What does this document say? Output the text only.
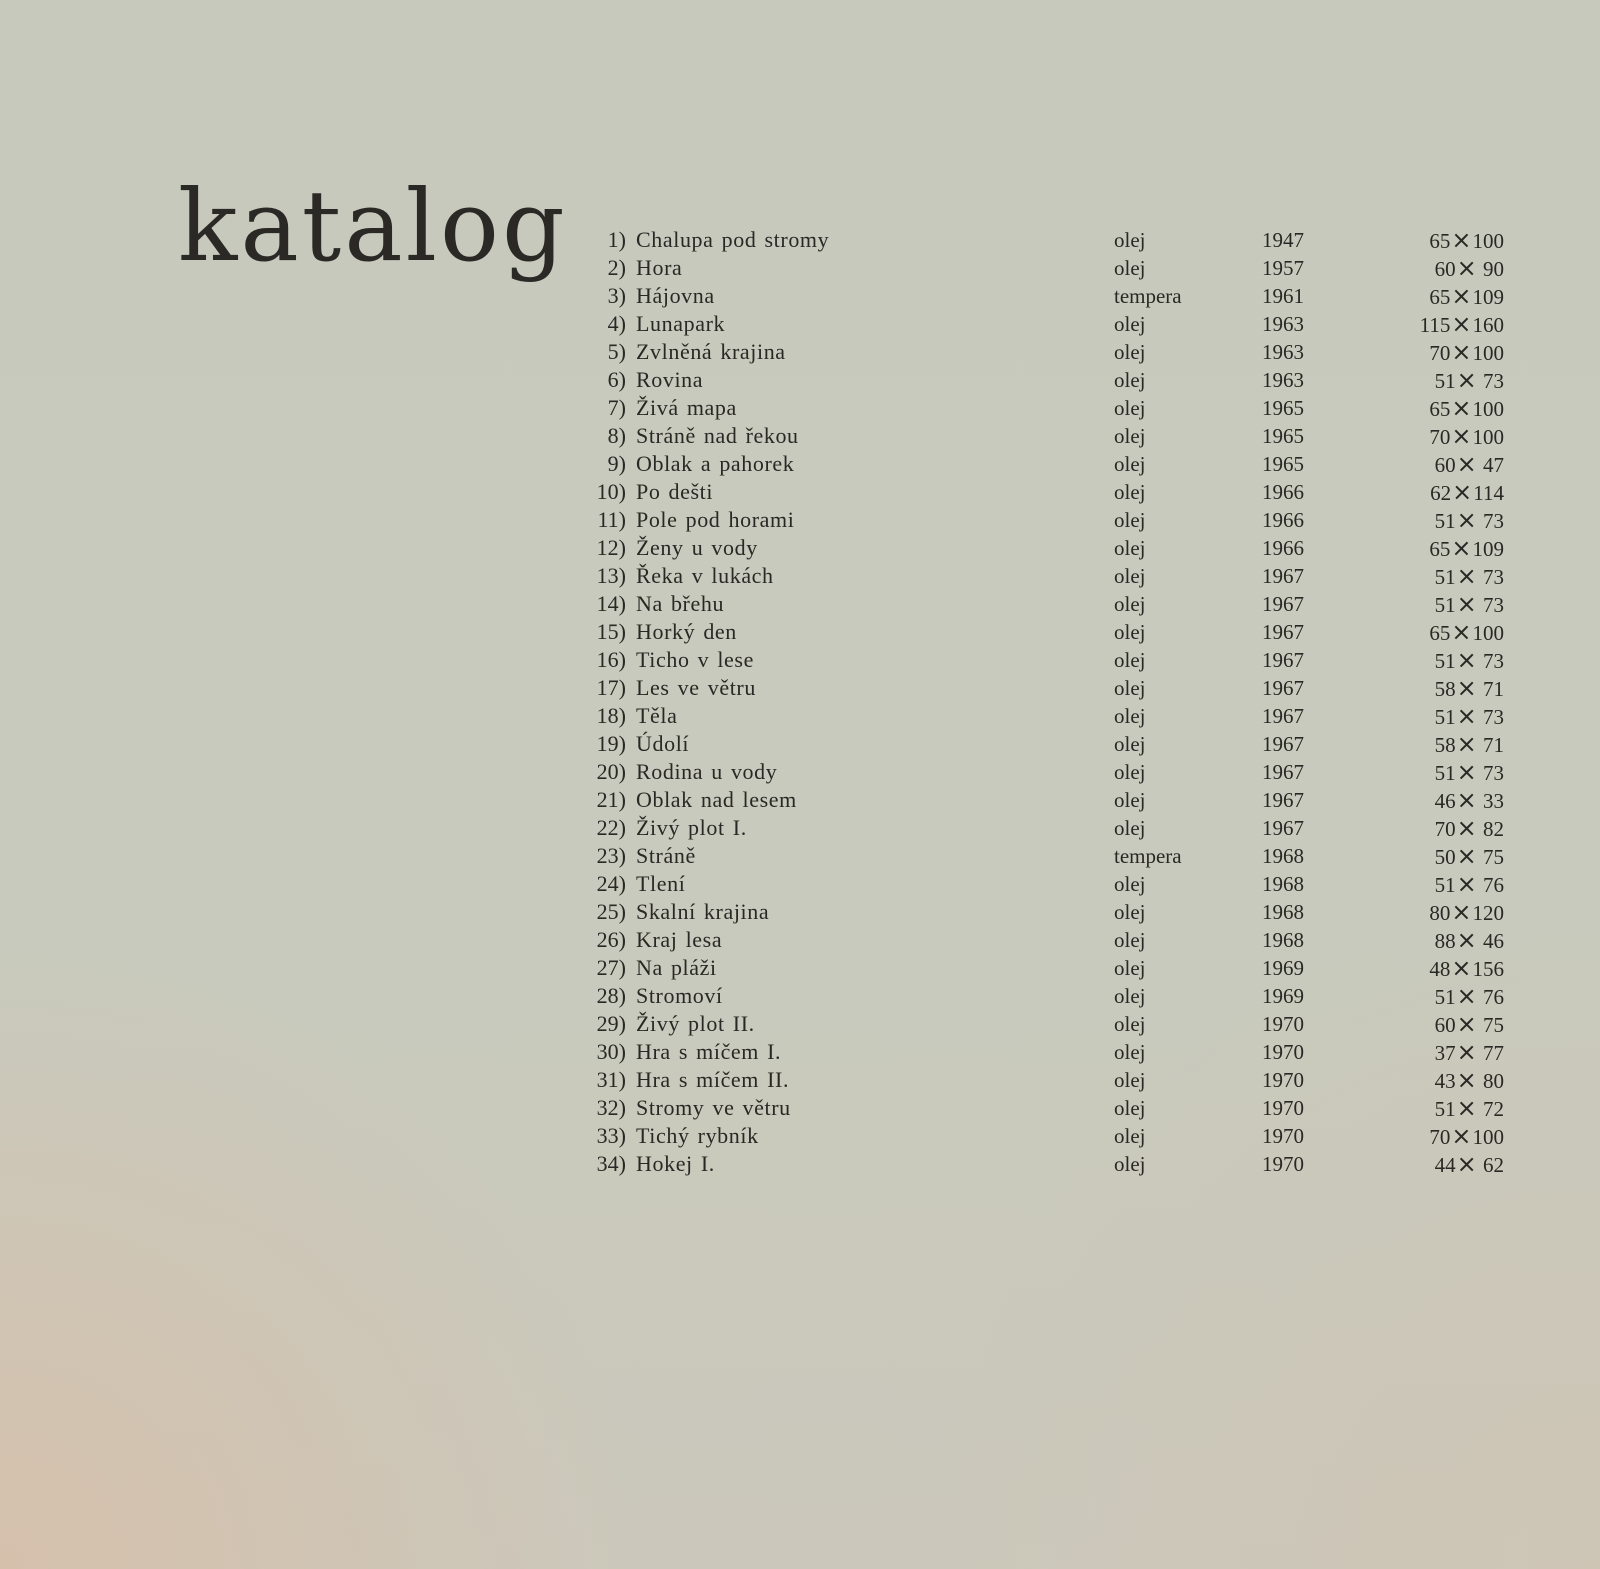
katalog	1) Chalupa pod stromy	olej	1947	65×100
2) Hora	olej	1957	60× 90
3) Hájovna	tempera	1961	65×109
4) Lunapark	olej	1963	115×160
5) Zvlněná krajina	olej	1963	70×100
6) Rovina	olej	1963	51× 73
7) Živá mapa	olej	1965	65×100
8) Stráně nad řekou	olej	1965	70×100
9) Oblak a pahorek	olej	1965	60× 47
10) Po dešti	olej	1966	62×114
11) Pole pod horami	olej	1966	51× 73
12) Ženy u vody	olej	1966	65×109
13) Řeka v lukách	olej	1967	51× 73
14) Na břehu	olej	1967	51× 73
15) Horký den	olej	1967	65×100
16) Ticho v lese	olej	1967	51× 73
17) Les ve větru	olej	1967	58× 71
18) Těla	olej	1967	51× 73
19) Údolí	olej	1967	58× 71
20) Rodina u vody	olej	1967	51× 73
21) Oblak nad lesem	olej	1967	46× 33
22) Živý plot I.	olej	1967	70× 82
23) Stráně	tempera	1968	50× 75
24) Tlení	olej	1968	51× 76
25) Skalní krajina	olej	1968	80×120
26) Kraj lesa	olej	1968	88× 46
27) Na pláži	olej	1969	48×156
28) Stromoví	olej	1969	51× 76
29) Živý plot II.	olej	1970	60× 75
30) Hra s míčem I.	olej	1970	37× 77
31) Hra s míčem II.	olej	1970	43× 80
32) Stromy ve větru	olej	1970	51× 72
33) Tichý rybník	olej	1970	70×100
34) Hokej I.	olej	1970	44× 62
